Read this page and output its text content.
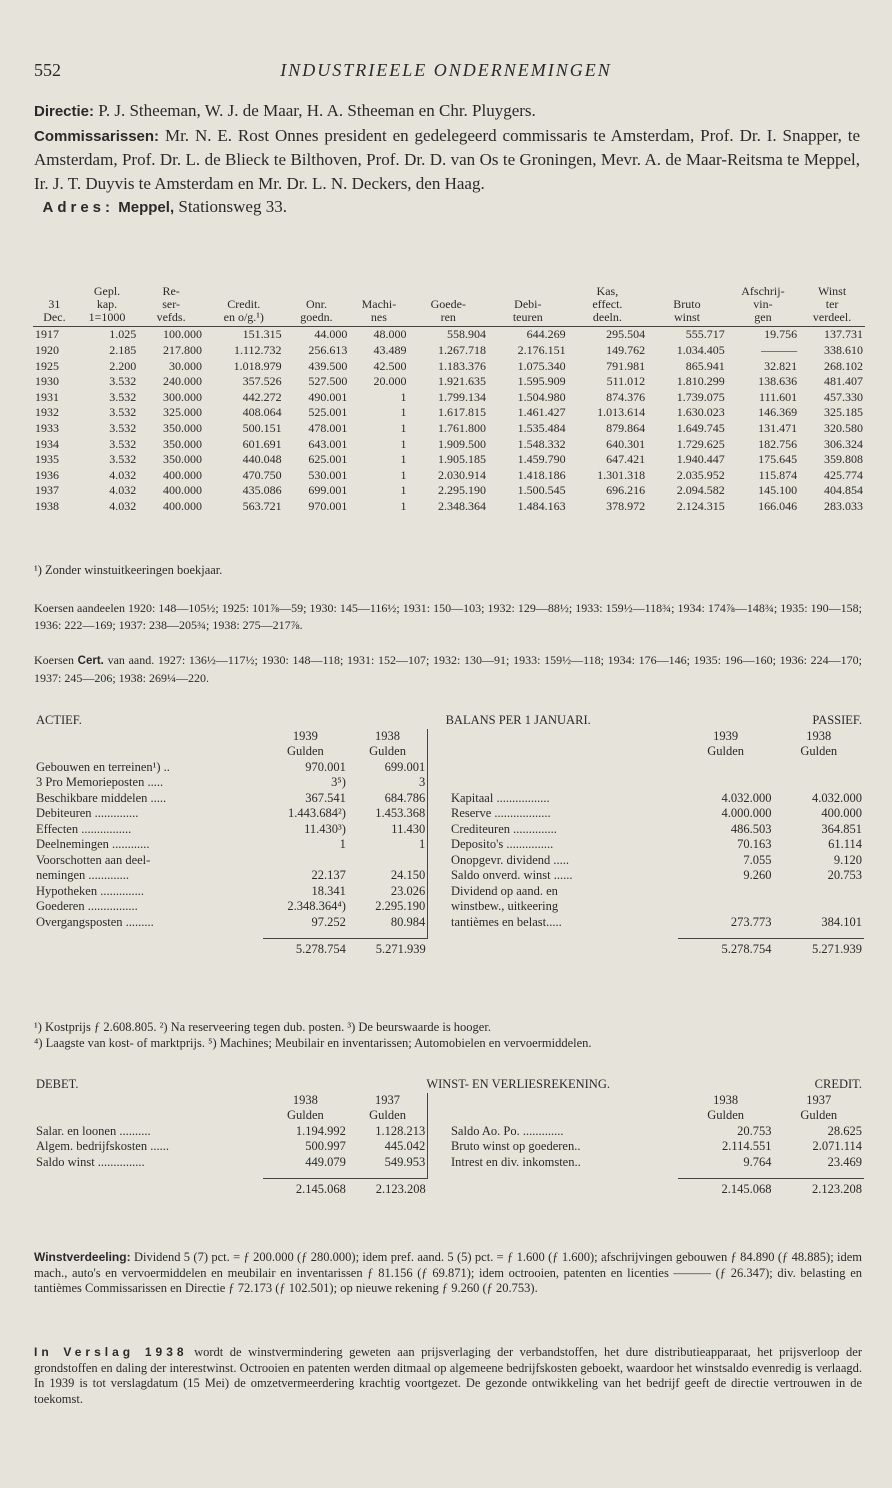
552	INDUSTRIEELE ONDERNEMINGEN

Directie: P. J. Stheeman, W. J. de Maar, H. A. Stheeman en Chr. Pluygers.

Commissarissen: Mr. N. E. Rost Onnes president en gedelegeerd commissaris te Amsterdam, Prof. Dr. I. Snapper, te Amsterdam, Prof. Dr. L. de Blieck te Bilthoven, Prof. Dr. D. van Os te Groningen, Mevr. A. de Maar-Reitsma te Meppel, Ir. J. T. Duyvis te Amsterdam en Mr. Dr. L. N. Deckers, den Haag.

Adres: Meppel, Stationsweg 33.

	Gepl.	Re-						Kas,		Afschrij-	Winst
31	kap.	ser-	Credit.	Onr.	Machi-	Goede-	Debi-	effect.	Bruto	vin-	ter
Dec.	1=1000	vefds.	en o/g.¹)	goedn.	nes	ren	teuren	deeln.	winst	gen	verdeel.
1917	1.025	100.000	151.315	44.000	48.000	558.904	644.269	295.504	555.717	19.756	137.731
1920	2.185	217.800	1.112.732	256.613	43.489	1.267.718	2.176.151	149.762	1.034.405	———	338.610
1925	2.200	30.000	1.018.979	439.500	42.500	1.183.376	1.075.340	791.981	865.941	32.821	268.102
1930	3.532	240.000	357.526	527.500	20.000	1.921.635	1.595.909	511.012	1.810.299	138.636	481.407
1931	3.532	300.000	442.272	490.001	1	1.799.134	1.504.980	874.376	1.739.075	111.601	457.330
1932	3.532	325.000	408.064	525.001	1	1.617.815	1.461.427	1.013.614	1.630.023	146.369	325.185
1933	3.532	350.000	500.151	478.001	1	1.761.800	1.535.484	879.864	1.649.745	131.471	320.580
1934	3.532	350.000	601.691	643.001	1	1.909.500	1.548.332	640.301	1.729.625	182.756	306.324
1935	3.532	350.000	440.048	625.001	1	1.905.185	1.459.790	647.421	1.940.447	175.645	359.808
1936	4.032	400.000	470.750	530.001	1	2.030.914	1.418.186	1.301.318	2.035.952	115.874	425.774
1937	4.032	400.000	435.086	699.001	1	2.295.190	1.500.545	696.216	2.094.582	145.100	404.854
1938	4.032	400.000	563.721	970.001	1	2.348.364	1.484.163	378.972	2.124.315	166.046	283.033
¹) Zonder winstuitkeeringen boekjaar.

Koersen aandeelen 1920: 148—105½; 1925: 101⅞—59; 1930: 145—116½; 1931: 150—103; 1932: 129—88½; 1933: 159½—118¾; 1934: 174⅞—148¾; 1935: 190—158; 1936: 222—169; 1937: 238—205¾; 1938: 275—217⅞.

Koersen Cert. van aand. 1927: 136½—117½; 1930: 148—118; 1931: 152—107; 1932: 130—91; 1933: 159½—118; 1934: 176—146; 1935: 196—160; 1936: 224—170; 1937: 245—206; 1938: 269¼—220.

ACTIEF.	BALANS PER 1 JANUARI.					PASSIEF.
	1939	1938			1939	1938
	Gulden	Gulden			Gulden	Gulden
Gebouwen en terreinen¹) ..	970.001	699.001				
3 Pro Memorieposten .....	3⁵)	3				
Beschikbare middelen .....	367.541	684.786		Kapitaal .................	4.032.000	4.032.000
Debiteuren ..............	1.443.684²)	1.453.368		Reserve ..................	4.000.000	400.000
Effecten ................	11.430³)	11.430		Crediteuren ..............	486.503	364.851
Deelnemingen ............	1	1		Deposito's ...............	70.163	61.114
Voorschotten aan deel-				Onopgevr. dividend .....	7.055	9.120
nemingen .............	22.137	24.150		Saldo onverd. winst ......	9.260	20.753
Hypotheken ..............	18.341	23.026		Dividend op aand. en		
Goederen ................	2.348.364⁴)	2.295.190		winstbew., uitkeering		
Overgangsposten .........	97.252	80.984		tantièmes en belast.....	273.773	384.101

	5.278.754	5.271.939			5.278.754	5.271.939

¹) Kostprijs ƒ 2.608.805. ²) Na reserveering tegen dub. posten. ³) De beurswaarde is hooger.

⁴) Laagste van kost- of marktprijs. ⁵) Machines; Meubilair en inventarissen; Automobielen en vervoermiddelen.

DEBET.	WINST- EN VERLIESREKENING.					CREDIT.
	1938	1937			1938	1937
	Gulden	Gulden			Gulden	Gulden
Salar. en loonen ..........	1.194.992	1.128.213		Saldo Ao. Po. .............	20.753	28.625
Algem. bedrijfskosten ......	500.997	445.042		Bruto winst op goederen..	2.114.551	2.071.114
Saldo winst ...............	449.079	549.953		Intrest en div. inkomsten..	9.764	23.469

	2.145.068	2.123.208			2.145.068	2.123.208

Winstverdeeling: Dividend 5 (7) pct. = ƒ 200.000 (ƒ 280.000); idem pref. aand. 5 (5) pct. = ƒ 1.600 (ƒ 1.600); afschrijvingen gebouwen ƒ 84.890 (ƒ 48.885); idem mach., auto's en vervoermiddelen en meubilair en inventarissen ƒ 81.156 (ƒ 69.871); idem octrooien, patenten en licenties ——— (ƒ 26.347); div. belasting en tantièmes Commissarissen en Directie ƒ 72.173 (ƒ 102.501); op nieuwe rekening ƒ 9.260 (ƒ 20.753).

In Verslag 1938 wordt de winstvermindering geweten aan prijsverlaging der verbandstoffen, het dure distributieapparaat, het prijsverloop der grondstoffen en daling der interestwinst. Octrooien en patenten werden ditmaal op algemeene bedrijfskosten geboekt, waardoor het winstsaldo evenredig is verlaagd. In 1939 is tot verslagdatum (15 Mei) de omzetvermeerdering krachtig voortgezet. De gezonde ontwikkeling van het bedrijf geeft de directie vertrouwen in de toekomst.
